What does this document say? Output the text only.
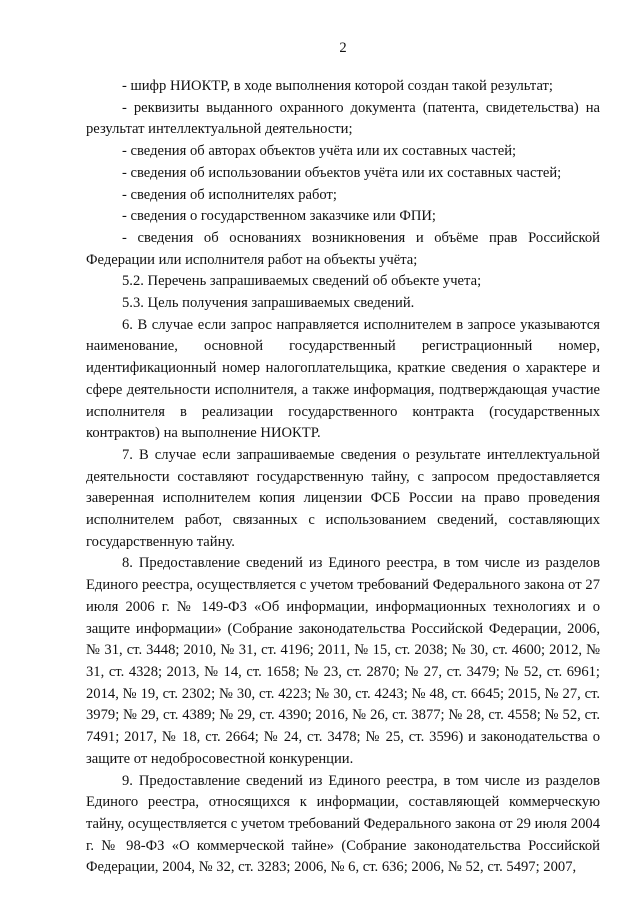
2

- шифр НИОКТР, в ходе выполнения которой создан такой результат;

- реквизиты выданного охранного документа (патента, свидетельства) на результат интеллектуальной деятельности;

- сведения об авторах объектов учёта или их составных частей;

- сведения об использовании объектов учёта или их составных частей;

- сведения об исполнителях работ;

- сведения о государственном заказчике или ФПИ;

- сведения об основаниях возникновения и объёме прав Российской Федерации или исполнителя работ на объекты учёта;

5.2. Перечень запрашиваемых сведений об объекте учета;

5.3. Цель получения запрашиваемых сведений.

6. В случае если запрос направляется исполнителем в запросе указываются наименование, основной государственный регистрационный номер, идентификационный номер налогоплательщика, краткие сведения о характере и сфере деятельности исполнителя, а также информация, подтверждающая участие исполнителя в реализации государственного контракта (государственных контрактов) на выполнение НИОКТР.

7. В случае если запрашиваемые сведения о результате интеллектуальной деятельности составляют государственную тайну, с запросом предоставляется заверенная исполнителем копия лицензии ФСБ России на право проведения исполнителем работ, связанных с использованием сведений, составляющих государственную тайну.

8. Предоставление сведений из Единого реестра, в том числе из разделов Единого реестра, осуществляется с учетом требований Федерального закона от 27 июля 2006 г. № 149-ФЗ «Об информации, информационных технологиях и о защите информации» (Собрание законодательства Российской Федерации, 2006, № 31, ст. 3448; 2010, № 31, ст. 4196; 2011, № 15, ст. 2038; № 30, ст. 4600; 2012, № 31, ст. 4328; 2013, № 14, ст. 1658; № 23, ст. 2870; № 27, ст. 3479; № 52, ст. 6961; 2014, № 19, ст. 2302; № 30, ст. 4223; № 30, ст. 4243; № 48, ст. 6645; 2015, № 27, ст. 3979; № 29, ст. 4389; № 29, ст. 4390; 2016, № 26, ст. 3877; № 28, ст. 4558; № 52, ст. 7491; 2017, № 18, ст. 2664; № 24, ст. 3478; № 25, ст. 3596) и законодательства о защите от недобросовестной конкуренции.

9. Предоставление сведений из Единого реестра, в том числе из разделов Единого реестра, относящихся к информации, составляющей коммерческую тайну, осуществляется с учетом требований Федерального закона от 29 июля 2004 г. № 98-ФЗ «О коммерческой тайне» (Собрание законодательства Российской Федерации, 2004, № 32, ст. 3283; 2006, № 6, ст. 636; 2006, № 52, ст. 5497; 2007,
